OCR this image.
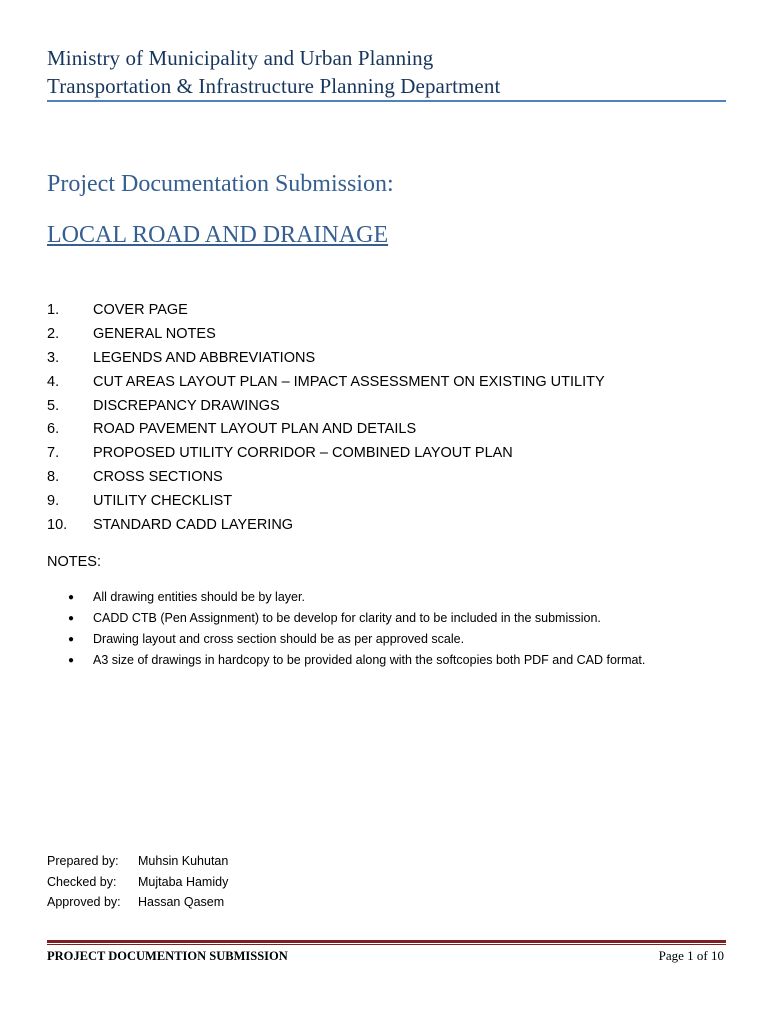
Ministry of Municipality and Urban Planning
Transportation & Infrastructure Planning Department
Project Documentation Submission:
LOCAL ROAD AND DRAINAGE
1.	COVER PAGE
2.	GENERAL NOTES
3.	LEGENDS AND ABBREVIATIONS
4.	CUT AREAS LAYOUT PLAN – IMPACT ASSESSMENT ON EXISTING UTILITY
5.	DISCREPANCY DRAWINGS
6.	ROAD PAVEMENT LAYOUT PLAN AND DETAILS
7.	PROPOSED UTILITY CORRIDOR – COMBINED LAYOUT PLAN
8.	CROSS SECTIONS
9.	UTILITY CHECKLIST
10.	STANDARD CADD LAYERING
NOTES:
●	All drawing entities should be by layer.
●	CADD CTB (Pen Assignment) to be develop for clarity and to be included in the submission.
●	Drawing layout and cross section should be as per approved scale.
●	A3 size of drawings in hardcopy to be provided along with the softcopies both PDF and CAD format.
Prepared by: Muhsin Kuhutan
Checked by: Mujtaba Hamidy
Approved by: Hassan Qasem
PROJECT DOCUMENTION SUBMISSION	Page 1 of 10
